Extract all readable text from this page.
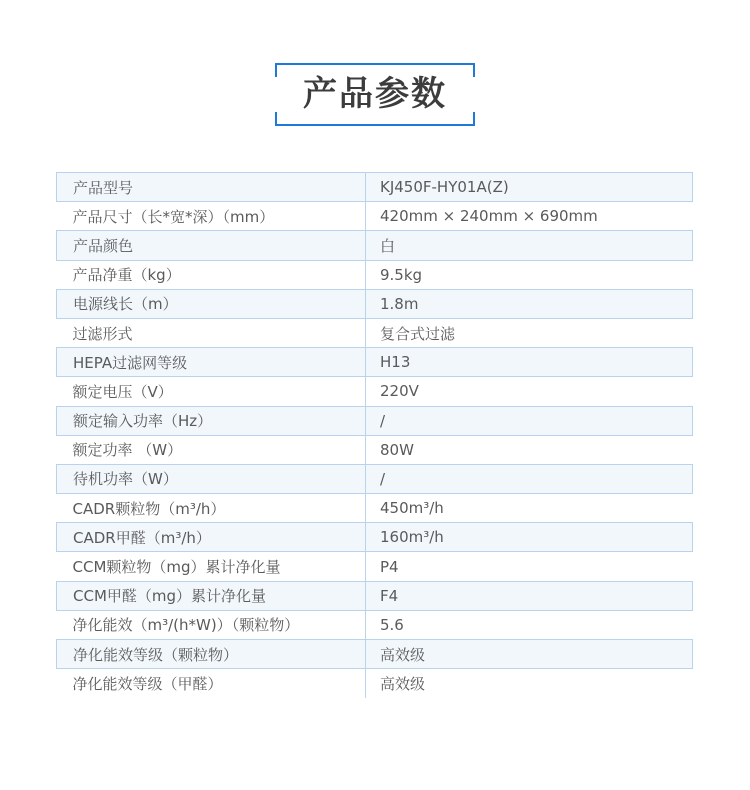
产品参数
产品型号	KJ450F-HY01A(Z)
产品尺寸（长*宽*深）（mm）	420mm × 240mm × 690mm
产品颜色	白
产品净重（kg）	9.5kg
电源线长（m）	1.8m
过滤形式	复合式过滤
HEPA过滤网等级	H13
额定电压（V）	220V
额定输入功率（Hz）	/
额定功率 （W）	80W
待机功率（W）	/
CADR颗粒物（m³/h）	450m³/h
CADR甲醛（m³/h）	160m³/h
CCM颗粒物（mg）累计净化量	P4
CCM甲醛（mg）累计净化量	F4
净化能效（m³/(h*W)）（颗粒物）	5.6
净化能效等级（颗粒物）	高效级
净化能效等级（甲醛）	高效级
